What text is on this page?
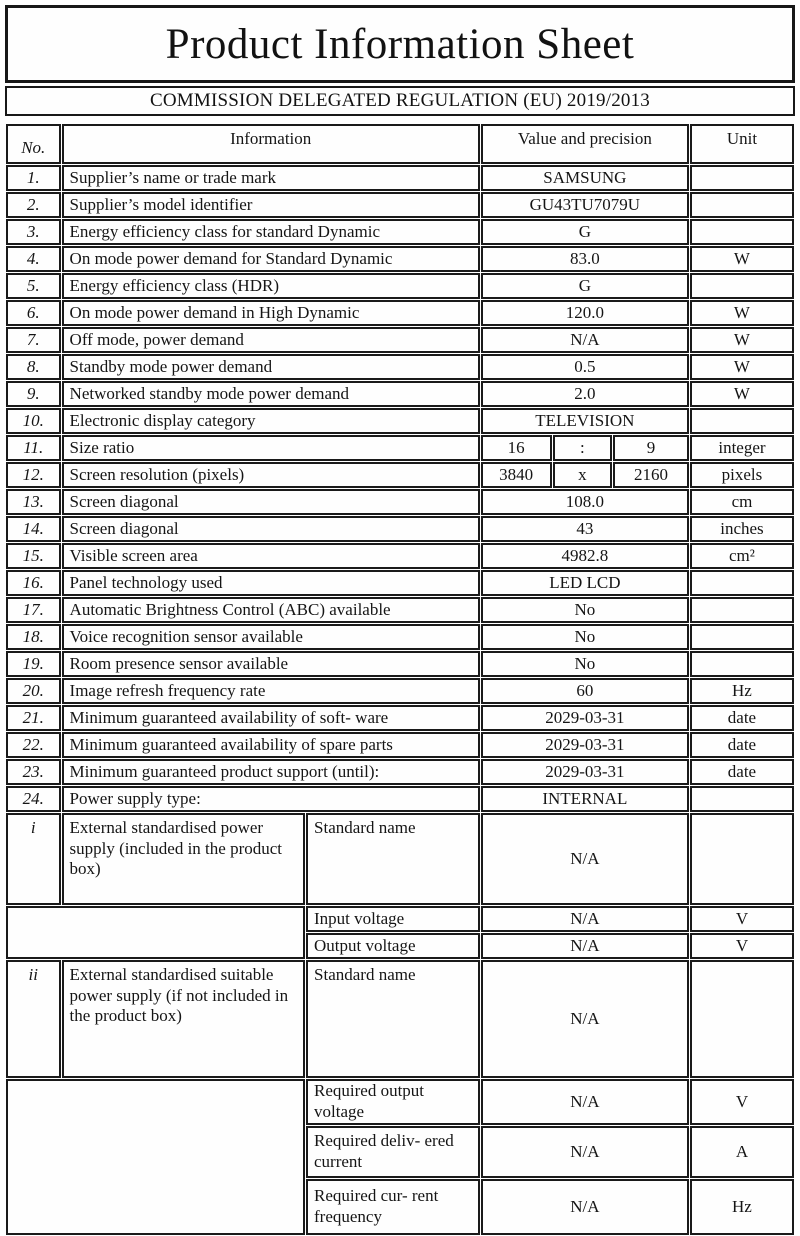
Product Information Sheet
COMMISSION DELEGATED REGULATION (EU) 2019/2013
No.	Information		Value and precision			Unit
1.	Supplier’s name or trade mark		SAMSUNG			
2.	Supplier’s model identifier		GU43TU7079U			
3.	Energy efficiency class for standard Dynamic		G			
4.	On mode power demand for Standard Dynamic		83.0			W
5.	Energy efficiency class (HDR)		G			
6.	On mode power demand in High Dynamic		120.0			W
7.	Off mode, power demand		N/A			W
8.	Standby mode power demand		0.5			W
9.	Networked standby mode power demand		2.0			W
10.	Electronic display category		TELEVISION			
11.	Size ratio		16	:	9	integer
12.	Screen resolution (pixels)		3840	x	2160	pixels
13.	Screen diagonal		108.0			cm
14.	Screen diagonal		43			inches
15.	Visible screen area		4982.8			cm²
16.	Panel technology used		LED LCD			
17.	Automatic Brightness Control (ABC) available		No			
18.	Voice recognition sensor available		No			
19.	Room presence sensor available		No			
20.	Image refresh frequency rate		60			Hz
21.	Minimum guaranteed availability of soft- ware		2029-03-31			date
22.	Minimum guaranteed availability of spare parts		2029-03-31			date
23.	Minimum guaranteed product support (until):		2029-03-31			date
24.	Power supply type:		INTERNAL			
i	External standardised power supply (included in the product box)	Standard name	N/A			
		Input voltage	N/A			V
		Output voltage	N/A			V
ii	External standardised suitable power supply (if not included in the product box)	Standard name	N/A			
		Required output voltage	N/A			V
		Required deliv- ered current	N/A			A
		Required cur- rent frequency	N/A			Hz
